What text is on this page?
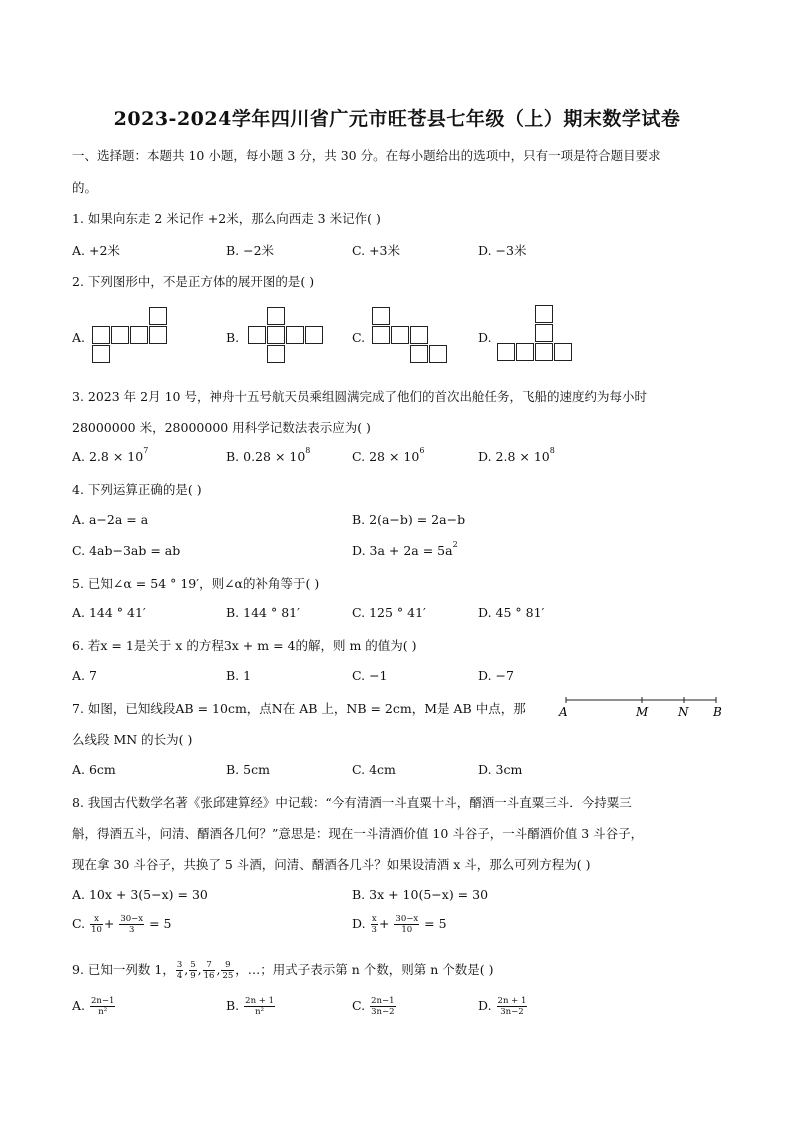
2023-2024学年四川省广元市旺苍县七年级（上）期末数学试卷
一、选择题：本题共 10 小题，每小题 3 分，共 30 分。在每小题给出的选项中，只有一项是符合题目要求
的。
1. 如果向东走 2 米记作 +2米，那么向西走 3 米记作( )
A. +2米	B. −2米	C. +3米	D. −3米
2. 下列图形中，不是正方体的展开图的是( )
A.	B.	C.	D.
3. 2023 年 2月 10 号，神舟十五号航天员乘组圆满完成了他们的首次出舱任务，飞船的速度约为每小时
28000000 米，28000000 用科学记数法表示应为( )
A. $2.8 \times 10^7$	B. $0.28 \times 10^8$	C. $28 \times 10^6$	D. $2.8 \times 10^8$
4. 下列运算正确的是( )
A. a−2a = a	B. 2(a−b) = 2a−b
C. 4ab−3ab = ab	D. $3a + 2a = 5a^2$
5. 已知∠α = 54 ° 19′，则∠α的补角等于( )
A. 144 ° 41′	B. 144 ° 81′	C. 125 ° 41′	D. 45 ° 81′
6. 若x = 1是关于 x 的方程3x + m = 4的解，则 m 的值为( )
A. 7	B. 1	C. −1	D. −7
7. 如图，已知线段AB = 10cm，点N在 AB 上，NB = 2cm，M是 AB 中点，那
么线段 MN 的长为( )
A	M N B
A. 6cm	B. 5cm	C. 4cm	D. 3cm
8. 我国古代数学名著《张邱建算经》中记载：“今有清酒一斗直粟十斗，醑酒一斗直粟三斗．今持粟三
斛，得酒五斗，问清、醑酒各几何？”意思是：现在一斗清酒价值 10 斗谷子，一斗醑酒价值 3 斗谷子，
现在拿 30 斗谷子，共换了 5 斗酒，问清、醑酒各几斗？如果设清酒 x 斗，那么可列方程为( )
A. 10x + 3(5−x) = 30	B. 3x + 10(5−x) = 30
C. $\frac{x}{10} + \frac{30-x}{3} = 5$	D. $\frac{x}{3} + \frac{30-x}{10} = 5$
9. 已知一列数 1， $\frac{3}{4}$ , $\frac{5}{9}$ , $\frac{7}{16}$ , $\frac{9}{25}$ ，…；用式子表示第 n 个数，则第 n 个数是( )
A. $\frac{2n-1}{\text{n²}}$	B. $\frac{2n + 1}{\text{n²}}$	C. $\frac{2n-1}{3n-2}$	D. $\frac{2n + 1}{3n-2}$
